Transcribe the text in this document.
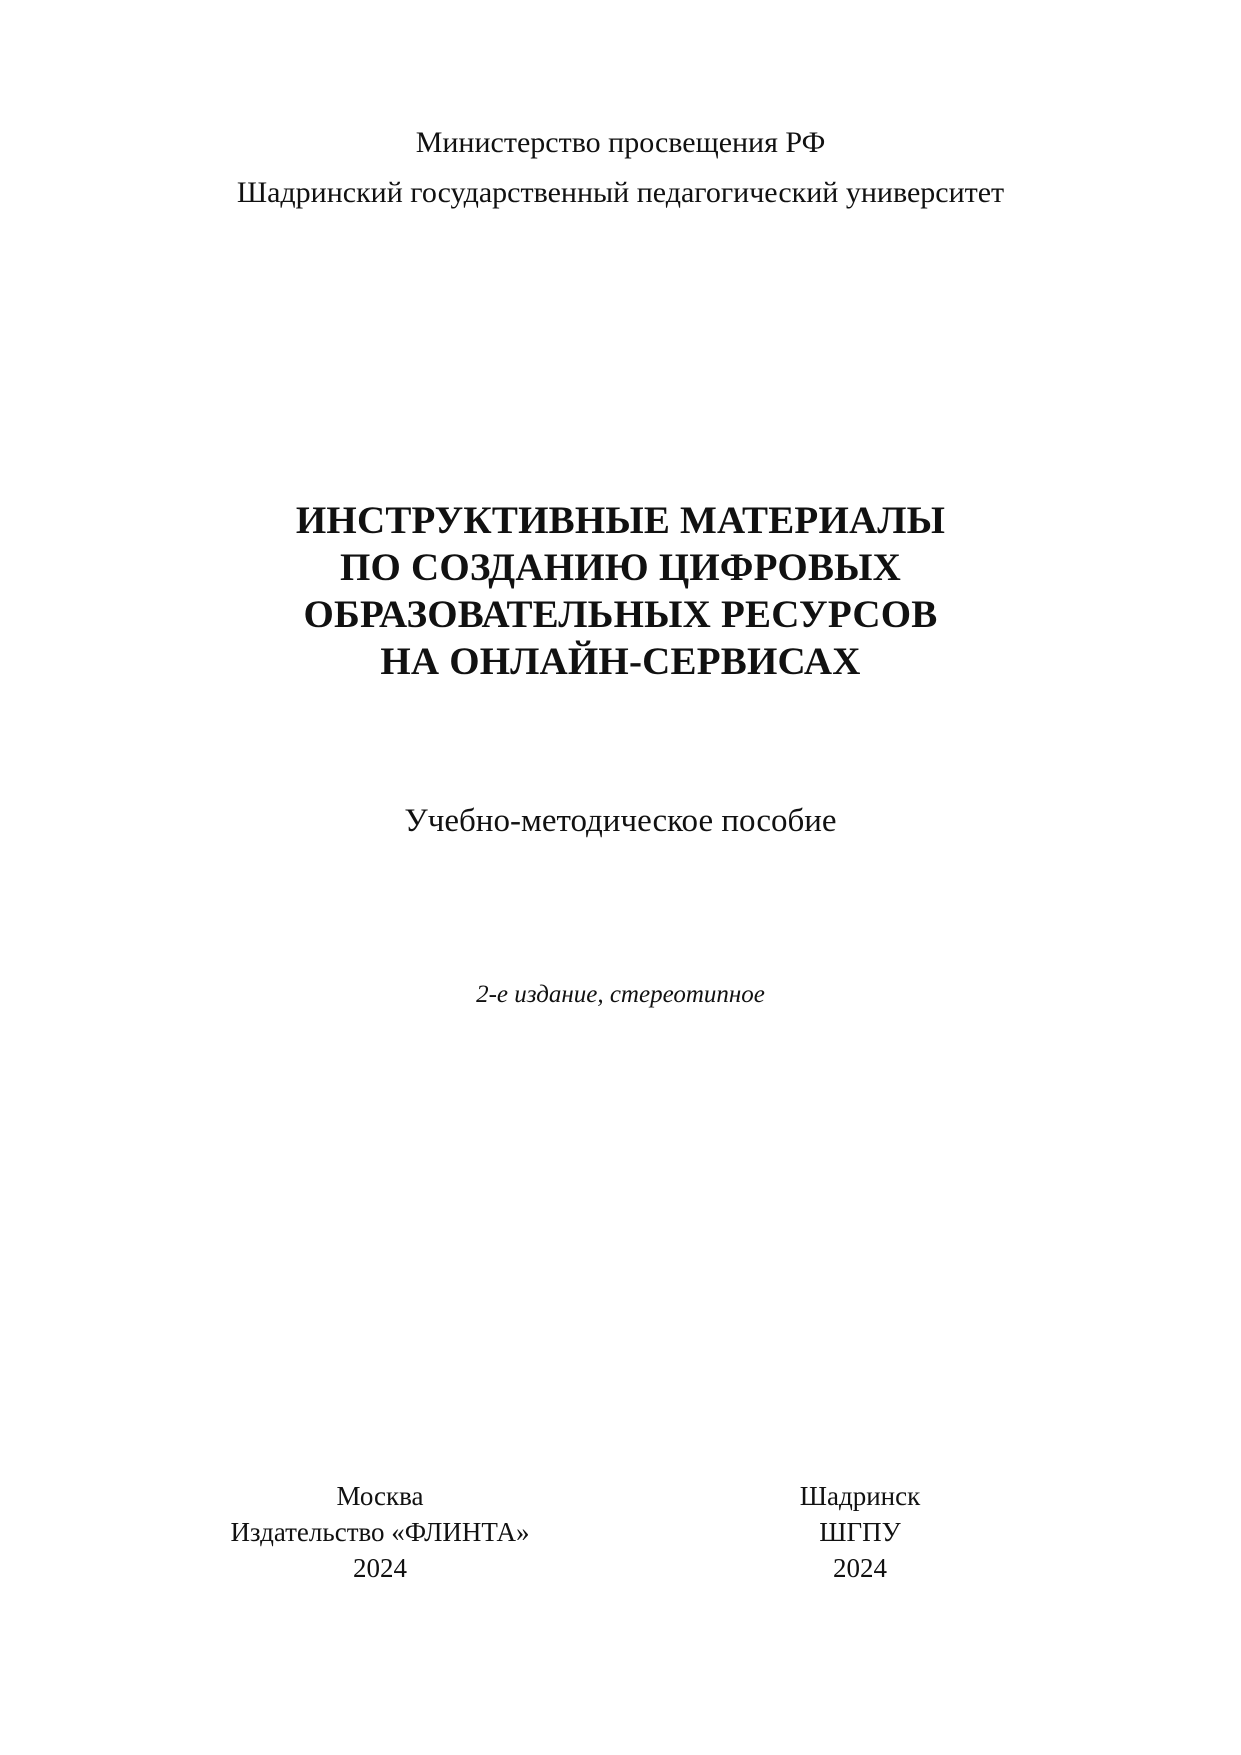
Министерство просвещения РФ
Шадринский государственный педагогический университет
ИНСТРУКТИВНЫЕ МАТЕРИАЛЫ
ПО СОЗДАНИЮ ЦИФРОВЫХ
ОБРАЗОВАТЕЛЬНЫХ РЕСУРСОВ
НА ОНЛАЙН-СЕРВИСАХ
Учебно-методическое пособие
2-е издание, стереотипное
Москва
Издательство «ФЛИНТА»
2024
Шадринск
ШГПУ
2024
